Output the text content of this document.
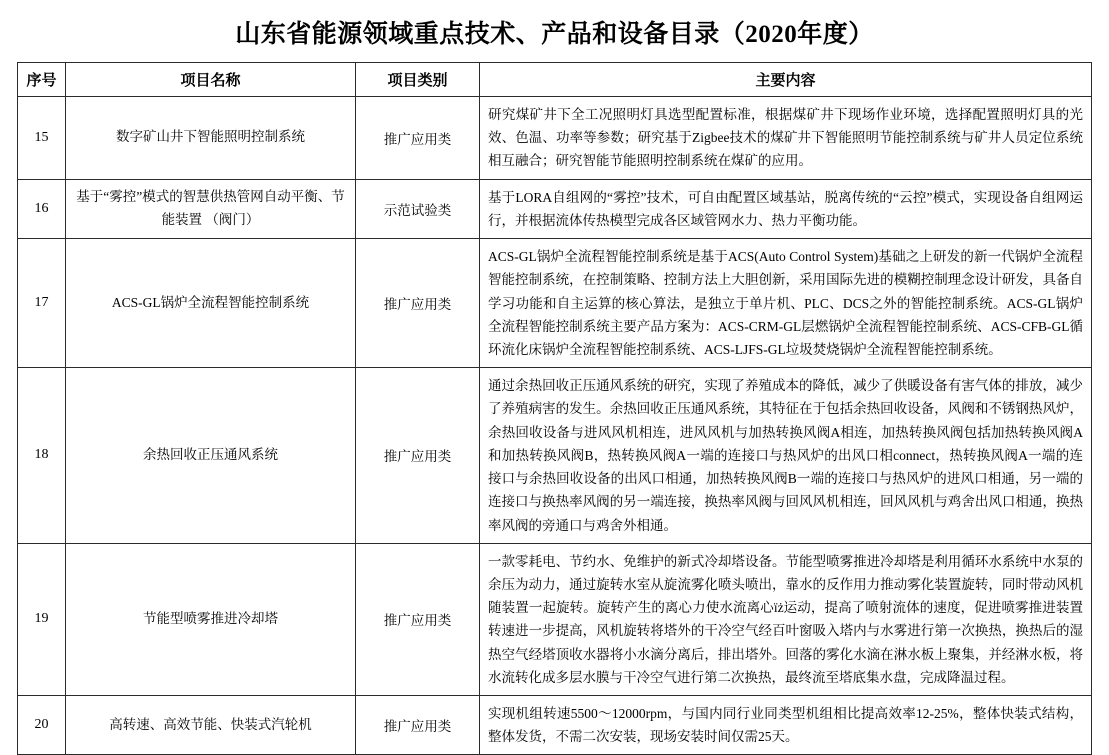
山东省能源领域重点技术、产品和设备目录（2020年度）
序号	项目名称	项目类别	主要内容
15	数字矿山井下智能照明控制系统	推广应用类	研究煤矿井下全工况照明灯具选型配置标准，根据煤矿井下现场作业环境，选择配置照明灯具的光效、色温、功率等参数；研究基于Zigbee技术的煤矿井下智能照明节能控制系统与矿井人员定位系统相互融合；研究智能节能照明控制系统在煤矿的应用。
16	基于“雾控”模式的智慧供热管网自动平衡、节能装置 （阀门）	示范试验类	基于LORA自组网的“雾控”技术，可自由配置区域基站，脱离传统的“云控”模式，实现设备自组网运行，并根据流体传热模型完成各区域管网水力、热力平衡功能。
17	ACS-GL锅炉全流程智能控制系统	推广应用类	ACS-GL锅炉全流程智能控制系统是基于ACS(Auto Control System)基础之上研发的新一代锅炉全流程智能控制系统，在控制策略、控制方法上大胆创新，采用国际先进的模糊控制理念设计研发，具备自学习功能和自主运算的核心算法，是独立于单片机、PLC、DCS之外的智能控制系统。ACS-GL锅炉全流程智能控制系统主要产品方案为：ACS-CRM-GL层燃锅炉全流程智能控制系统、ACS-CFB-GL循环流化床锅炉全流程智能控制系统、ACS-LJFS-GL垃圾焚烧锅炉全流程智能控制系统。
18	余热回收正压通风系统	推广应用类	通过余热回收正压通风系统的研究，实现了养殖成本的降低，减少了供暖设备有害气体的排放，减少了养殖病害的发生。余热回收正压通风系统，其特征在于包括余热回收设备，风阀和不锈钢热风炉，余热回收设备与进风风机相连，进风风机与加热转换风阀A相连，加热转换风阀包括加热转换风阀A和加热转换风阀B，热转换风阀A一端的连接口与热风炉的出风口相connect，热转换风阀A一端的连接口与余热回收设备的出风口相通，加热转换风阀B一端的连接口与热风炉的进风口相通，另一端的连接口与换热率风阀的另一端连接，换热率风阀与回风风机相连，回风风机与鸡舍出风口相通，换热率风阀的旁通口与鸡舍外相通。
19	节能型喷雾推进冷却塔	推广应用类	一款零耗电、节约水、免维护的新式冷却塔设备。节能型喷雾推进冷却塔是利用循环水系统中水泵的余压为动力，通过旋转水室从旋流雾化喷头喷出，靠水的反作用力推动雾化装置旋转，同时带动风机随装置一起旋转。旋转产生的离心力使水流离心ïż运动，提高了喷射流体的速度，促进喷雾推进装置转速进一步提高，风机旋转将塔外的干冷空气经百叶窗吸入塔内与水雾进行第一次换热，换热后的湿热空气经塔顶收水器将小水滴分离后，排出塔外。回落的雾化水滴在淋水板上聚集，并经淋水板，将水流转化成多层水膜与干冷空气进行第二次换热，最终流至塔底集水盘，完成降温过程。
20	高转速、高效节能、快装式汽轮机	推广应用类	实现机组转速5500～12000rpm，与国内同行业同类型机组相比提高效率12-25%，整体快装式结构，整体发货，不需二次安装，现场安装时间仅需25天。
